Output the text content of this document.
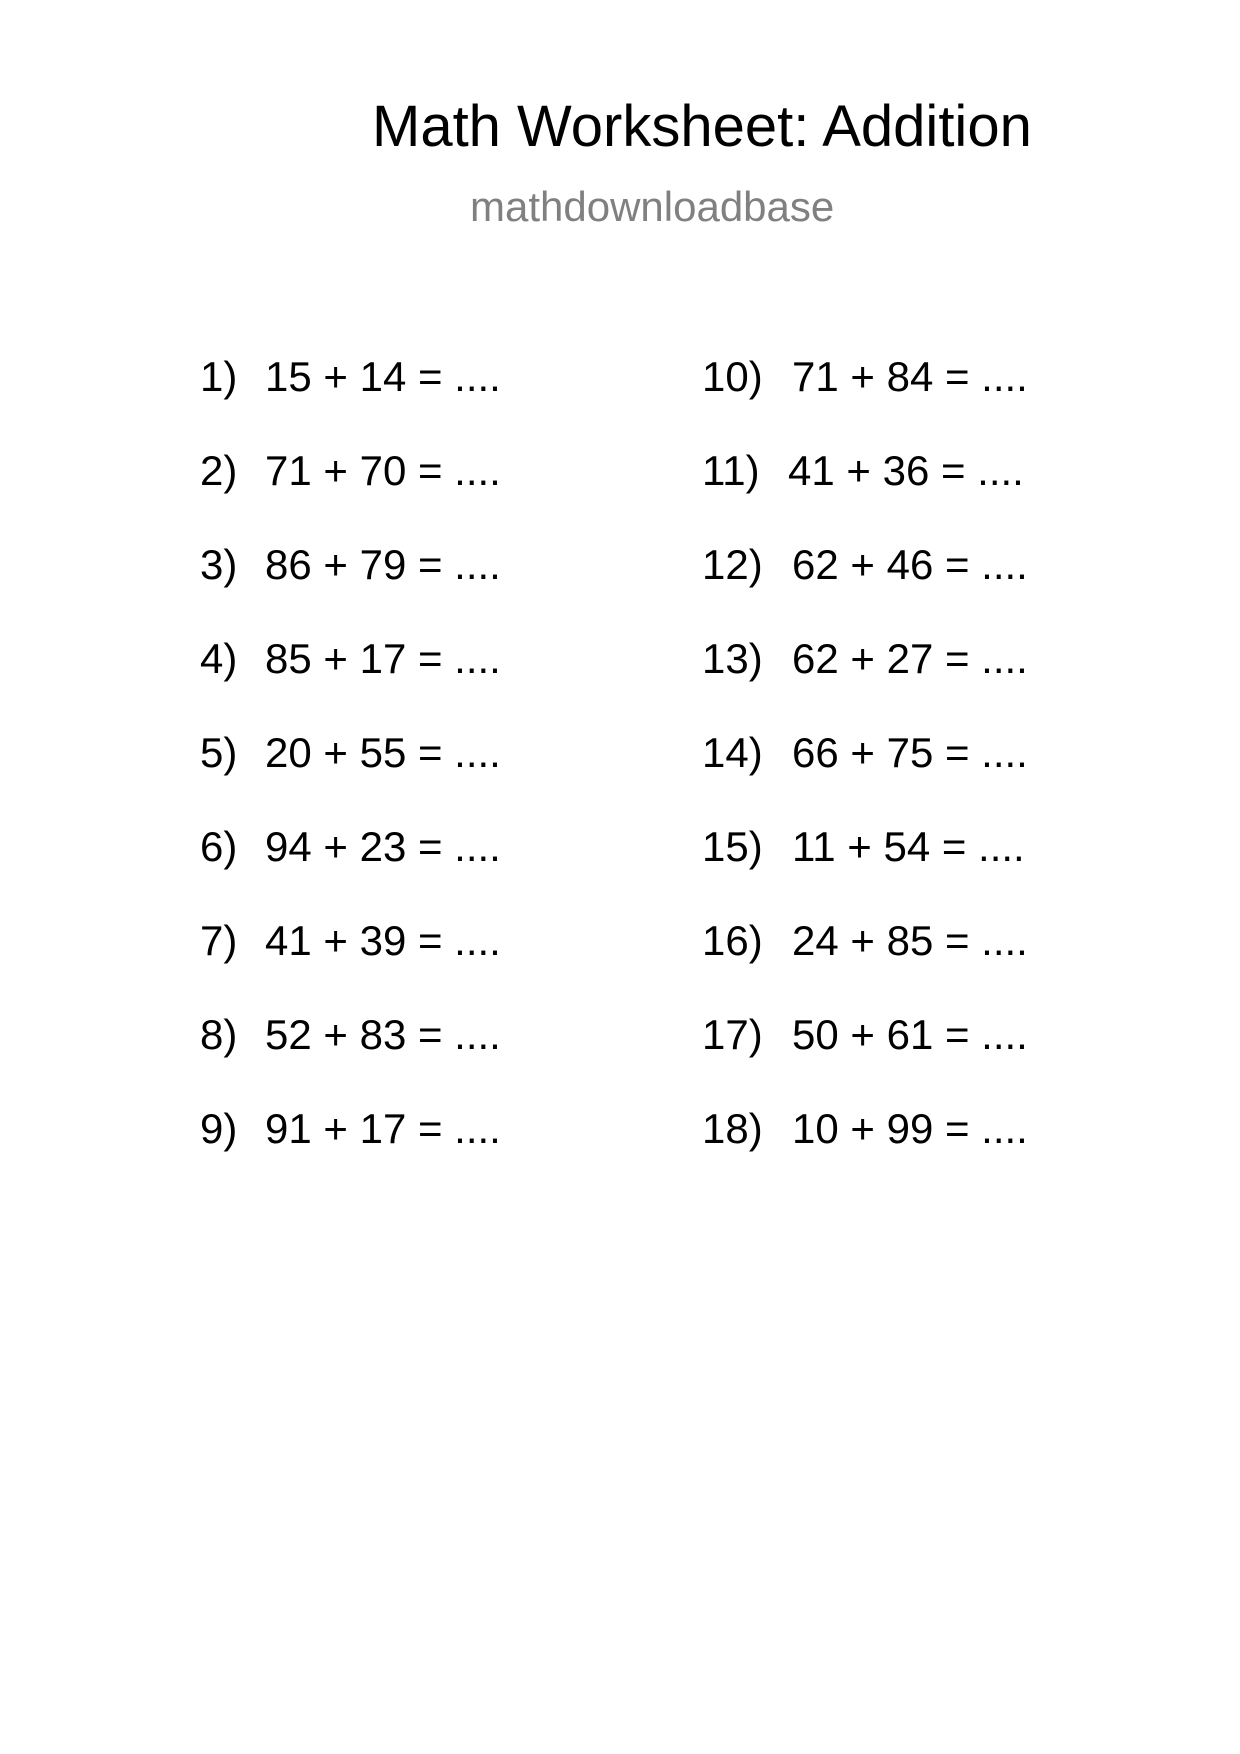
Math Worksheet: Addition
mathdownloadbase
1) 15 + 14 = ....
2) 71 + 70 = ....
3) 86 + 79 = ....
4) 85 + 17 = ....
5) 20 + 55 = ....
6) 94 + 23 = ....
7) 41 + 39 = ....
8) 52 + 83 = ....
9) 91 + 17 = ....
10) 71 + 84 = ....
11) 41 + 36 = ....
12) 62 + 46 = ....
13) 62 + 27 = ....
14) 66 + 75 = ....
15) 11 + 54 = ....
16) 24 + 85 = ....
17) 50 + 61 = ....
18) 10 + 99 = ....
